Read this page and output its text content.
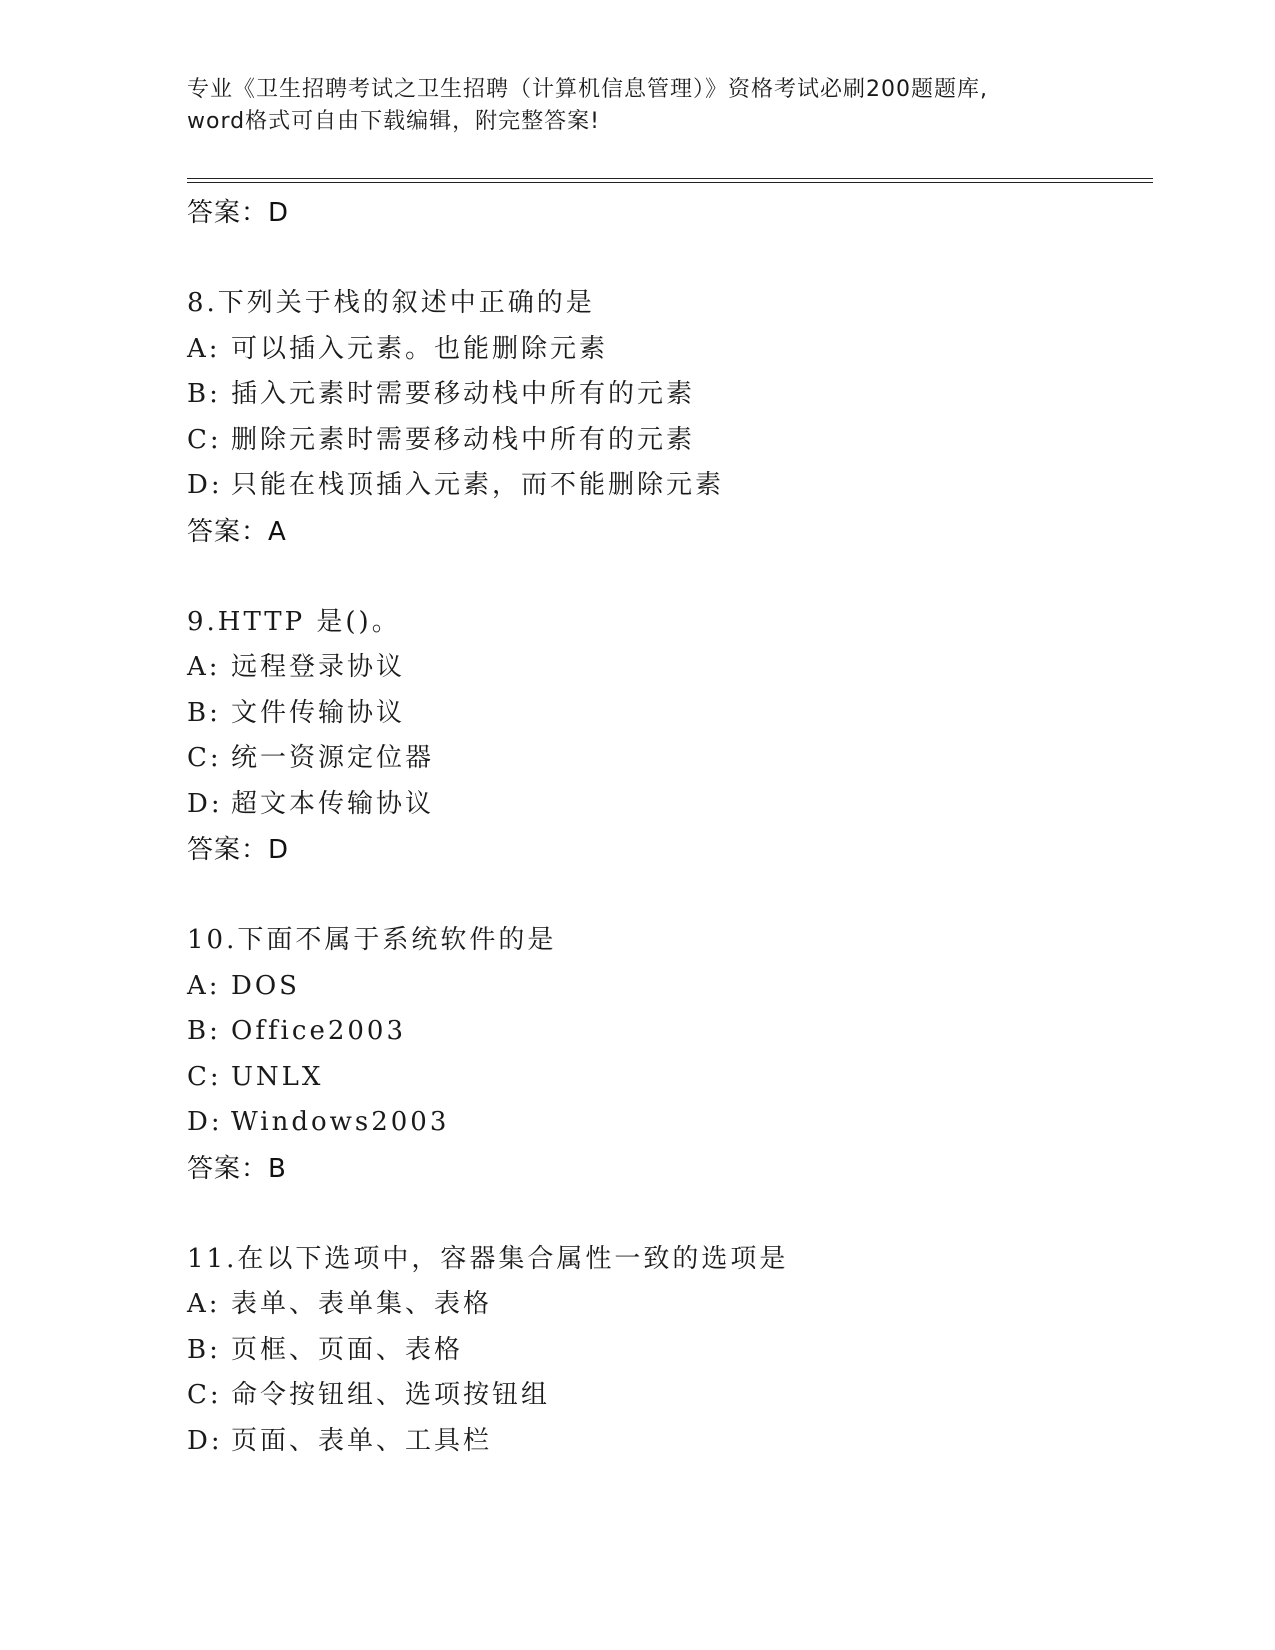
专业《卫生招聘考试之卫生招聘（计算机信息管理）》资格考试必刷200题题库,
word格式可自由下载编辑，附完整答案!
答案：D
8.下列关于栈的叙述中正确的是
A: 可以插入元素。也能删除元素
B: 插入元素时需要移动栈中所有的元素
C: 删除元素时需要移动栈中所有的元素
D: 只能在栈顶插入元素，而不能删除元素
答案：A
9.HTTP 是()。
A: 远程登录协议
B: 文件传输协议
C: 统一资源定位器
D: 超文本传输协议
答案：D
10.下面不属于系统软件的是
A: DOS
B: Office2003
C: UNLX
D: Windows2003
答案：B
11.在以下选项中，容器集合属性一致的选项是
A: 表单、表单集、表格
B: 页框、页面、表格
C: 命令按钮组、选项按钮组
D: 页面、表单、工具栏
